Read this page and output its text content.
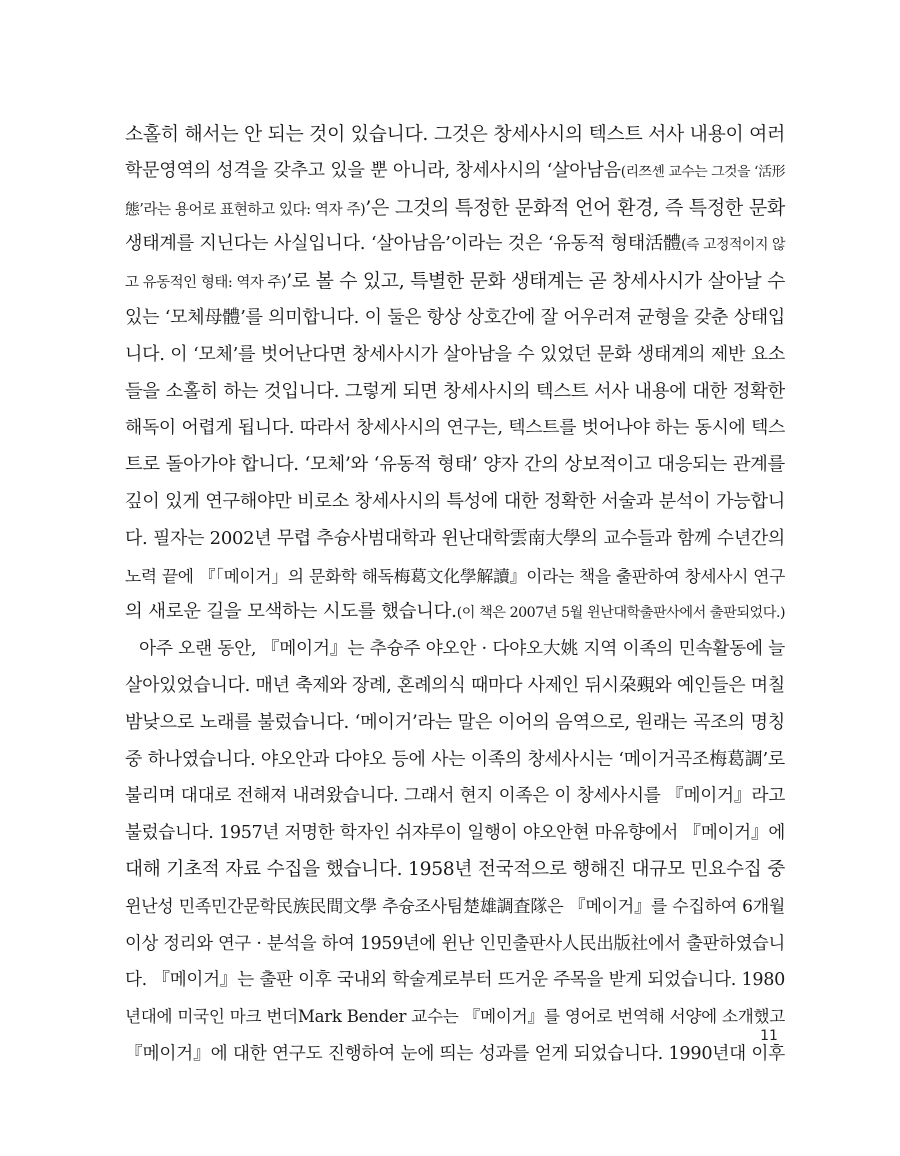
소홀히 해서는 안 되는 것이 있습니다. 그것은 창세사시의 텍스트 서사 내용이 여러
학문영역의 성격을 갖추고 있을 뿐 아니라, 창세사시의 ‘살아남음(리쯔셴 교수는 그것을 ‘活形
態’라는 용어로 표현하고 있다: 역자 주)’은 그것의 특정한 문화적 언어 환경, 즉 특정한 문화
생태계를 지닌다는 사실입니다. ‘살아남음’이라는 것은 ‘유동적 형태活體(즉 고정적이지 않
고 유동적인 형태: 역자 주)’로 볼 수 있고, 특별한 문화 생태계는 곧 창세사시가 살아날 수
있는 ‘모체母體’를 의미합니다. 이 둘은 항상 상호간에 잘 어우러져 균형을 갖춘 상태입
니다. 이 ‘모체’를 벗어난다면 창세사시가 살아남을 수 있었던 문화 생태계의 제반 요소
들을 소홀히 하는 것입니다. 그렇게 되면 창세사시의 텍스트 서사 내용에 대한 정확한
해독이 어렵게 됩니다. 따라서 창세사시의 연구는, 텍스트를 벗어나야 하는 동시에 텍스
트로 돌아가야 합니다. ‘모체’와 ‘유동적 형태’ 양자 간의 상보적이고 대응되는 관계를
깊이 있게 연구해야만 비로소 창세사시의 특성에 대한 정확한 서술과 분석이 가능합니
다. 필자는 2002년 무렵 추슝사범대학과 윈난대학雲南大學의 교수들과 함께 수년간의
노력 끝에 『「메이거」의 문화학 해독梅葛文化學解讀』이라는 책을 출판하여 창세사시 연구
의 새로운 길을 모색하는 시도를 했습니다.(이 책은 2007년 5월 윈난대학출판사에서 출판되었다.)
아주 오랜 동안, 『메이거』는 추슝주 야오안 · 다야오大姚 지역 이족의 민속활동에 늘
살아있었습니다. 매년 축제와 장례, 혼례의식 때마다 사제인 뒤시朶覡와 예인들은 며칠
밤낮으로 노래를 불렀습니다. ‘메이거’라는 말은 이어의 음역으로, 원래는 곡조의 명칭
중 하나였습니다. 야오안과 다야오 등에 사는 이족의 창세사시는 ‘메이거곡조梅葛調’로
불리며 대대로 전해져 내려왔습니다. 그래서 현지 이족은 이 창세사시를 『메이거』라고
불렀습니다. 1957년 저명한 학자인 쉬쟈루이 일행이 야오안현 마유향에서 『메이거』에
대해 기초적 자료 수집을 했습니다. 1958년 전국적으로 행해진 대규모 민요수집 중
윈난성 민족민간문학民族民間文學 추슝조사팀楚雄調査隊은 『메이거』를 수집하여 6개월
이상 정리와 연구 · 분석을 하여 1959년에 윈난 인민출판사人民出版社에서 출판하였습니
다. 『메이거』는 출판 이후 국내외 학술계로부터 뜨거운 주목을 받게 되었습니다. 1980
년대에 미국인 마크 번더Mark Bender 교수는 『메이거』를 영어로 번역해 서양에 소개했고
『메이거』에 대한 연구도 진행하여 눈에 띄는 성과를 얻게 되었습니다. 1990년대 이후
11
